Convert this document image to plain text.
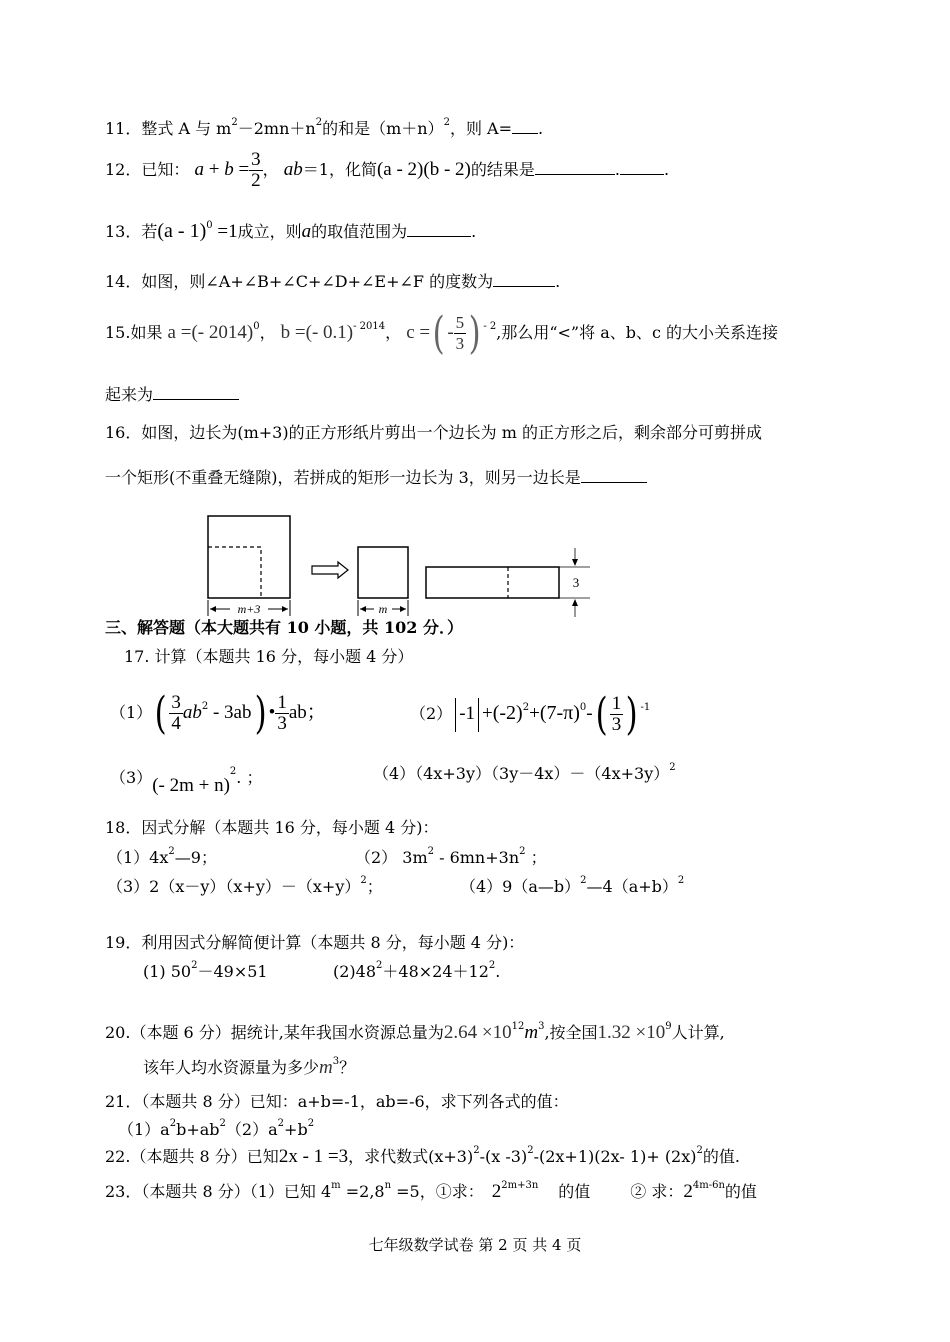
11．整式 A 与 $m^2-2mn+n^2$的和是$(m+n)^2$，则 A= .
12．已知： $a + b = \frac{3}{2}$ ， ab＝1，化简(a - 2)(b - 2)的结果是	.	.
13．若(a - 1)$^0$ =1成立，则a的取值范围为	.
14．如图，则∠A+∠B+∠C+∠D+∠E+∠F 的度数为	.
15.如果 a =(- 2014)$^0$， b =(- 0.1)$^{- 2014}$， c =( - $\frac{5}{3}$ ) $^{- 2}$,那么用“<”将 a、b、c 的大小关系连接
起来为
16．如图，边长为(m+3)的正方形纸片剪出一个边长为 m 的正方形之后，剩余部分可剪拼成
一个矩形(不重叠无缝隙)，若拼成的矩形一边长为 3，则另一边长是
m+3	m
3
三、解答题（本大题共有 10 小题，共 102 分．）
17. 计算（本题共 16 分，每小题 4 分）
$(1)( \frac{3}{4} ab^2 - 3ab)$ • $\frac{1}{3}$ ab；	（2） $-1 +(-2)^2+(7-\pi)^0-( \frac{1}{3}$ ) $^{-1}$
（3）(- 2m + n)$^2$. ；	$(4)(4x+3y)(3y-4x)-(4x+3y)^2$
18．因式分解（本题共 16 分，每小题 4 分)：
$(1)4x^2—9$；	（2） $3m^2 - 6mn+3n^2$ ；
$(3)2(x-y)(x+y)-(x+y)^2$；	$(4)9(a—b)^2—4(a+b)^2$
19．利用因式分解简便计算（本题共 8 分，每小题 4 分)：
(1) $50^2-49\times 51$	$(2)48^2+48\times 24+12^2$.
20.（本题 6 分）据统计,某年我国水资源总量为$2.64 \times 10^{12}m^3$,按全国$1.32 \times 10^9$人计算,
该年人均水资源量为多少$m^3$？
21．（本题共 8 分）已知：a+b=-1，ab=-6，求下列各式的值：
$(1)a^2b+ab^2(2)a^2+b^2$
22.（本题共 8 分）已知2x - 1 =3，求代数式$(x+3)^2-(x$ -3)$^2$-(2x+1)(2x- $1)+ (2x)^2$的值.
23．（本题共 8 分）（1）已知 $4^m =2,8^n =5$，①求： $2^{2m+3n}$ 的值	② 求：$2^{4m-6n}$的值
七年级数学试卷 第 2 页 共 4 页
